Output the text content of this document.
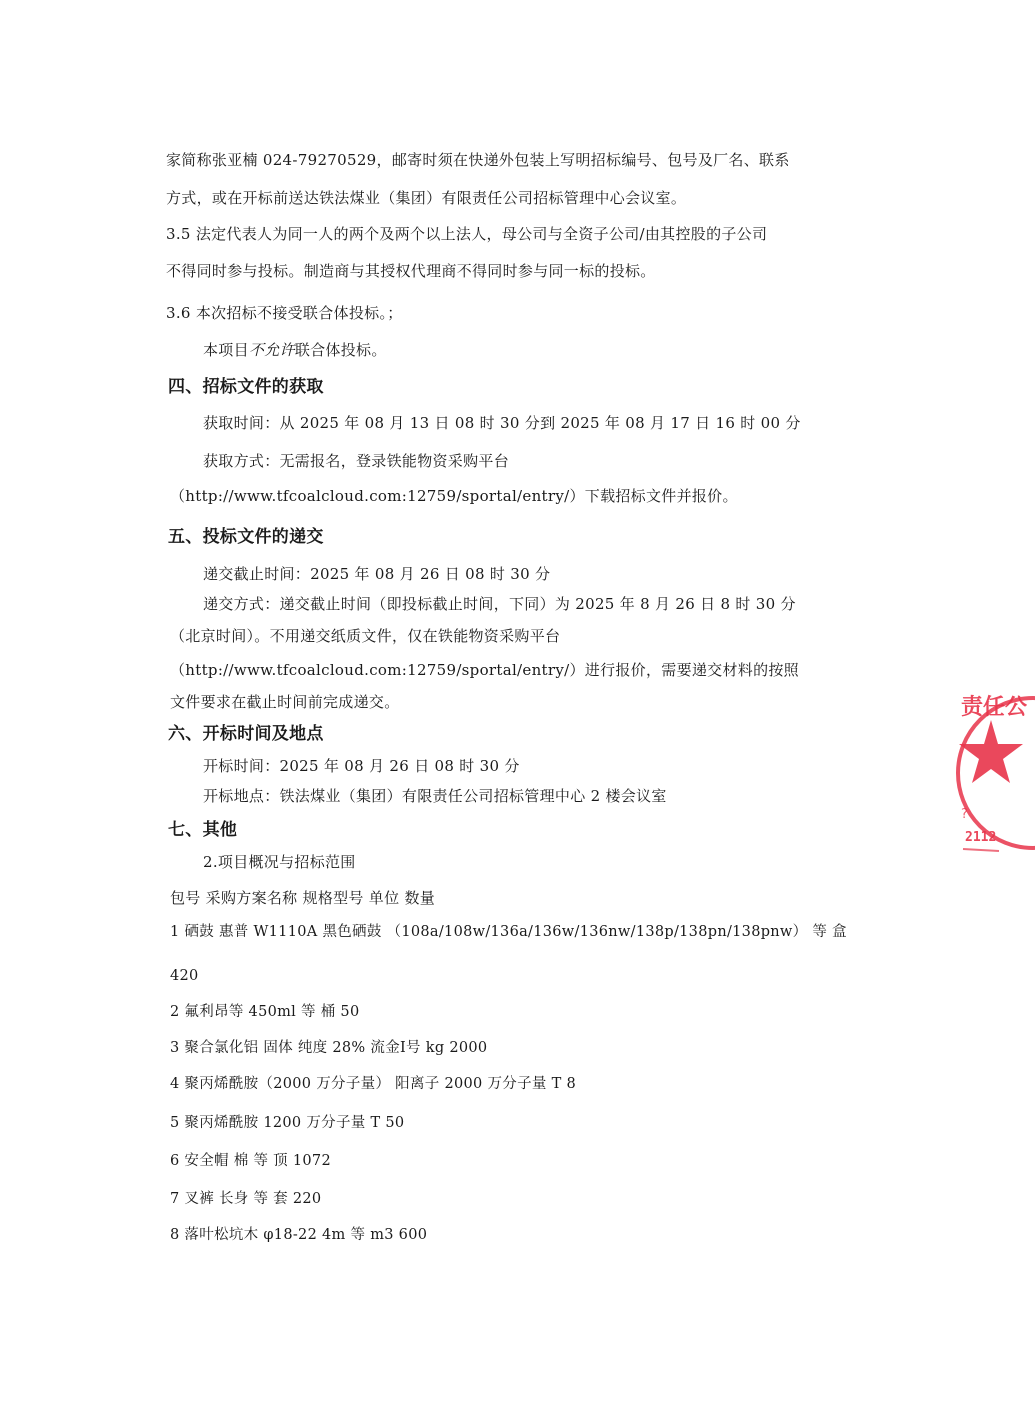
家简称张亚楠 024-79270529，邮寄时须在快递外包装上写明招标编号、包号及厂名、联系
方式，或在开标前送达铁法煤业（集团）有限责任公司招标管理中心会议室。
3.5 法定代表人为同一人的两个及两个以上法人，母公司与全资子公司/由其控股的子公司
不得同时参与投标。制造商与其授权代理商不得同时参与同一标的投标。
3.6 本次招标不接受联合体投标。；
本项目不允许联合体投标。
四、招标文件的获取
获取时间：从 2025 年 08 月 13 日 08 时 30 分到 2025 年 08 月 17 日 16 时 00 分
获取方式：无需报名，登录铁能物资采购平台
（http://www.tfcoalcloud.com:12759/sportal/entry/）下载招标文件并报价。
五、投标文件的递交
递交截止时间：2025 年 08 月 26 日 08 时 30 分
递交方式：递交截止时间（即投标截止时间，下同）为 2025 年 8 月 26 日 8 时 30 分
（北京时间）。不用递交纸质文件，仅在铁能物资采购平台
（http://www.tfcoalcloud.com:12759/sportal/entry/）进行报价，需要递交材料的按照
文件要求在截止时间前完成递交。
六、开标时间及地点
开标时间：2025 年 08 月 26 日 08 时 30 分
开标地点：铁法煤业（集团）有限责任公司招标管理中心 2 楼会议室
七、其他
2.项目概况与招标范围
包号 采购方案名称 规格型号 单位 数量
1 硒鼓 惠普 W1110A 黑色硒鼓 （108a/108w/136a/136w/136nw/138p/138pn/138pnw） 等 盒
420
2 氟利昂等 450ml 等 桶 50
3 聚合氯化铝 固体 纯度 28% 流金Ⅰ号 kg 2000
4 聚丙烯酰胺（2000 万分子量） 阳离子 2000 万分子量 T 8
5 聚丙烯酰胺 1200 万分子量 T 50
6 安全帽 棉 等 顶 1072
7 叉裤 长身 等 套 220
8 落叶松坑木 φ18-22 4m 等 m3 600
责任公
?
2112
